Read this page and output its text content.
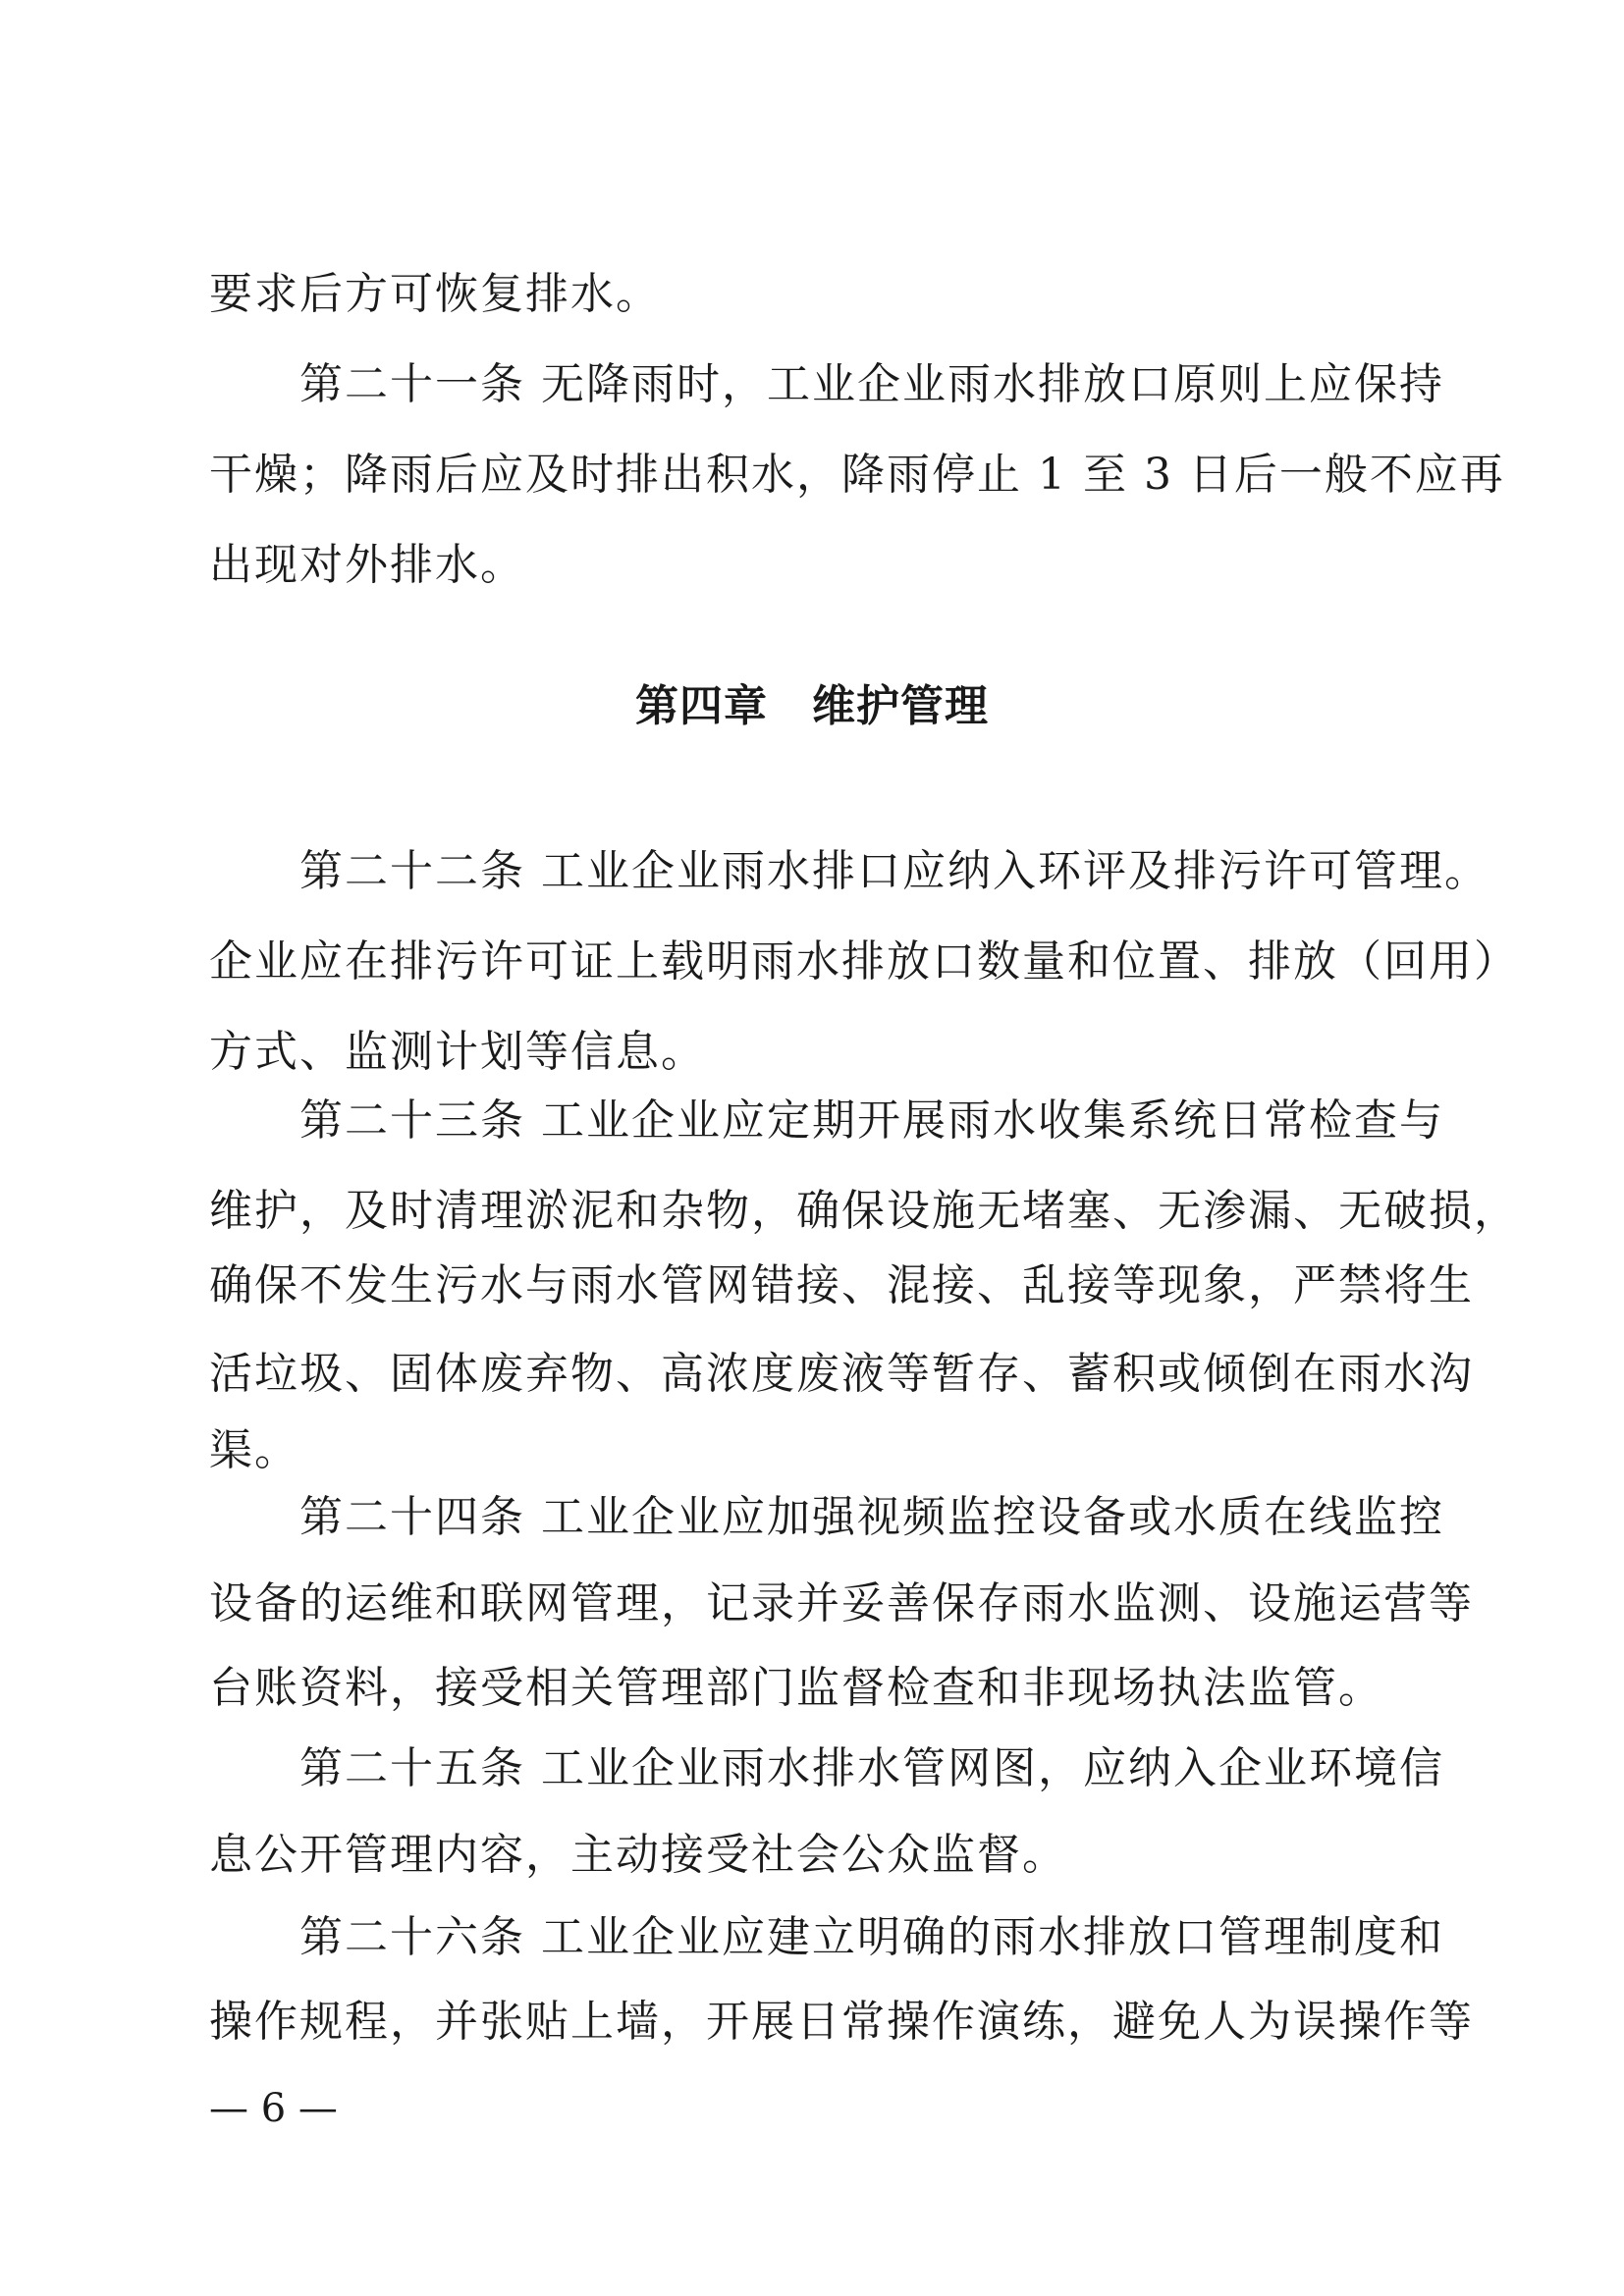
要求后方可恢复排水。
　　第二十一条 无降雨时，工业企业雨水排放口原则上应保持
干燥；降雨后应及时排出积水，降雨停止 1 至 3 日后一般不应再
出现对外排水。
第四章　维护管理
　　第二十二条 工业企业雨水排口应纳入环评及排污许可管理。
企业应在排污许可证上载明雨水排放口数量和位置、排放（回用）
方式、监测计划等信息。
　　第二十三条 工业企业应定期开展雨水收集系统日常检查与
维护，及时清理淤泥和杂物，确保设施无堵塞、无渗漏、无破损，
确保不发生污水与雨水管网错接、混接、乱接等现象，严禁将生
活垃圾、固体废弃物、高浓度废液等暂存、蓄积或倾倒在雨水沟
渠。
　　第二十四条 工业企业应加强视频监控设备或水质在线监控
设备的运维和联网管理，记录并妥善保存雨水监测、设施运营等
台账资料，接受相关管理部门监督检查和非现场执法监管。
　　第二十五条 工业企业雨水排水管网图，应纳入企业环境信
息公开管理内容，主动接受社会公众监督。
　　第二十六条 工业企业应建立明确的雨水排放口管理制度和
操作规程，并张贴上墙，开展日常操作演练，避免人为误操作等
— 6 —
